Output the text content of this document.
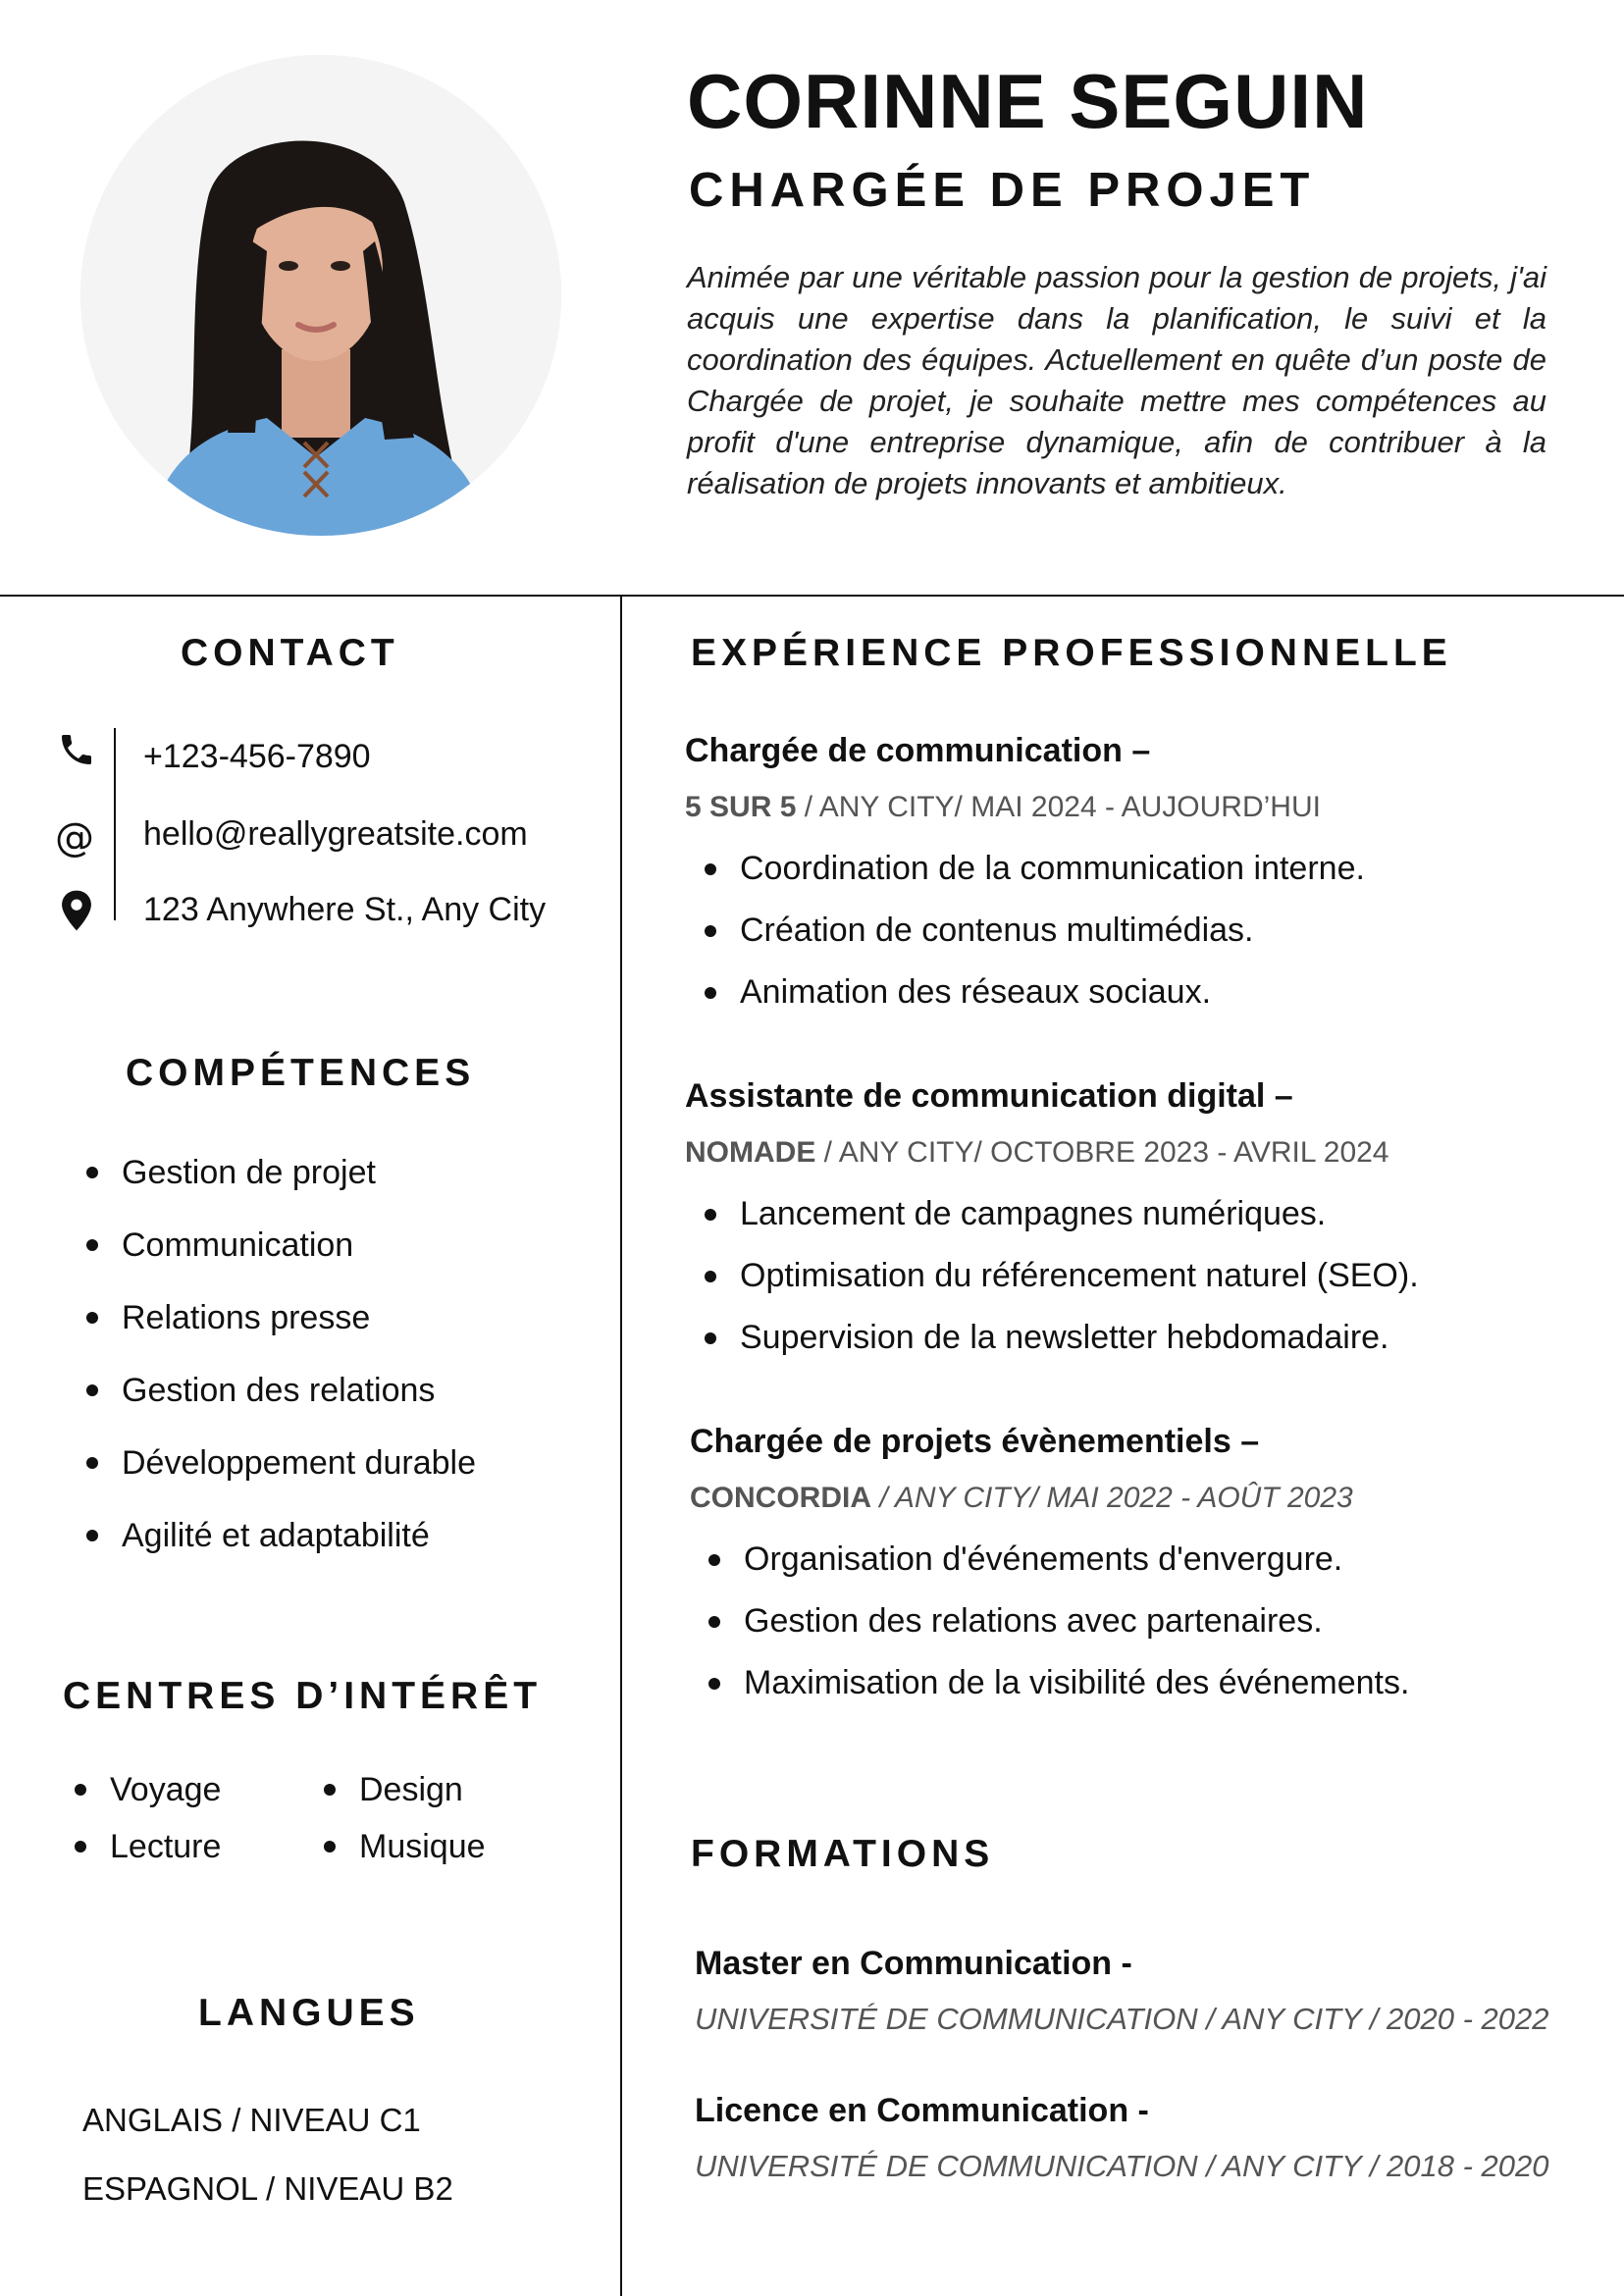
CORINNE SEGUIN
CHARGÉE DE PROJET
Animée par une véritable passion pour la gestion de projets, j'ai acquis une expertise dans la planification, le suivi et la coordination des équipes. Actuellement en quête d’un poste de Chargée de projet, je souhaite mettre mes compétences au profit d'une entreprise dynamique, afin de contribuer à la réalisation de projets innovants et ambitieux.
CONTACT
+123-456-7890
@ hello@reallygreatsite.com
123 Anywhere St., Any City
COMPÉTENCES
Gestion de projet
Communication
Relations presse
Gestion des relations
Développement durable
Agilité et adaptabilité
CENTRES D’INTÉRÊT
Voyage
Lecture
Design
Musique
LANGUES
ANGLAIS / NIVEAU C1
ESPAGNOL / NIVEAU B2
EXPÉRIENCE PROFESSIONNELLE
Chargée de communication –
5 SUR 5 / ANY CITY/ MAI 2024 - AUJOURD’HUI
Coordination de la communication interne.
Création de contenus multimédias.
Animation des réseaux sociaux.
Assistante de communication digital –
NOMADE / ANY CITY/ OCTOBRE 2023 - AVRIL 2024
Lancement de campagnes numériques.
Optimisation du référencement naturel (SEO).
Supervision de la newsletter hebdomadaire.
Chargée de projets évènementiels –
CONCORDIA / ANY CITY/ MAI 2022 - AOÛT 2023
Organisation d'événements d'envergure.
Gestion des relations avec partenaires.
Maximisation de la visibilité des événements.
FORMATIONS
Master en Communication -
UNIVERSITÉ DE COMMUNICATION / ANY CITY / 2020 - 2022
Licence en Communication -
UNIVERSITÉ DE COMMUNICATION / ANY CITY / 2018 - 2020
